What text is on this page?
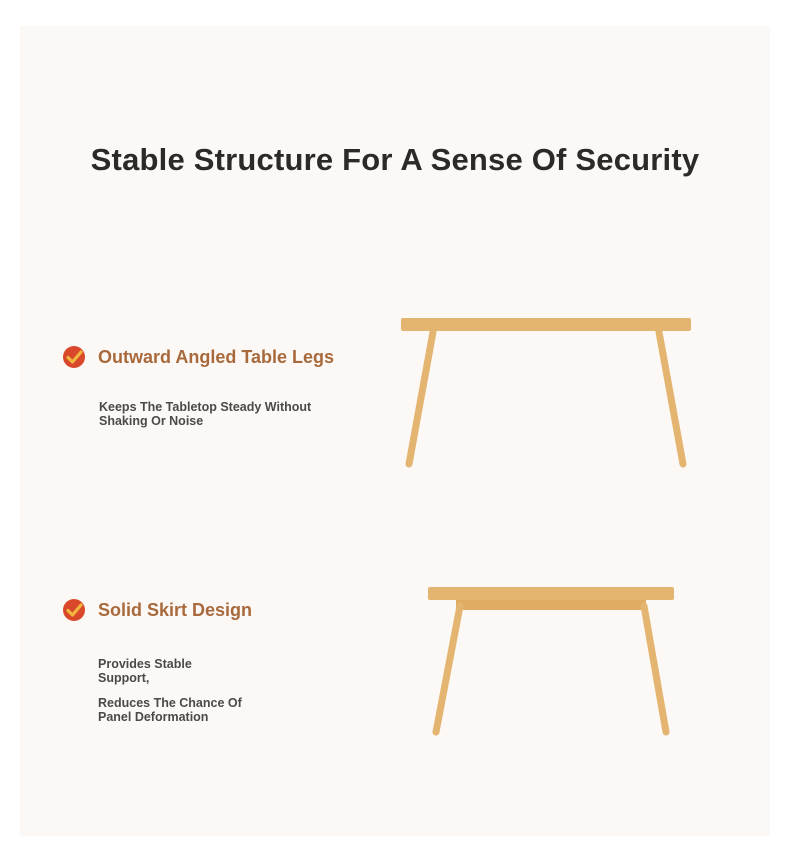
Stable Structure For A Sense Of Security
Outward Angled Table Legs

Keeps The Tabletop Steady Without

Shaking Or Noise

Solid Skirt Design

Provides Stable

Support,

Reduces The Chance Of

Panel Deformation
